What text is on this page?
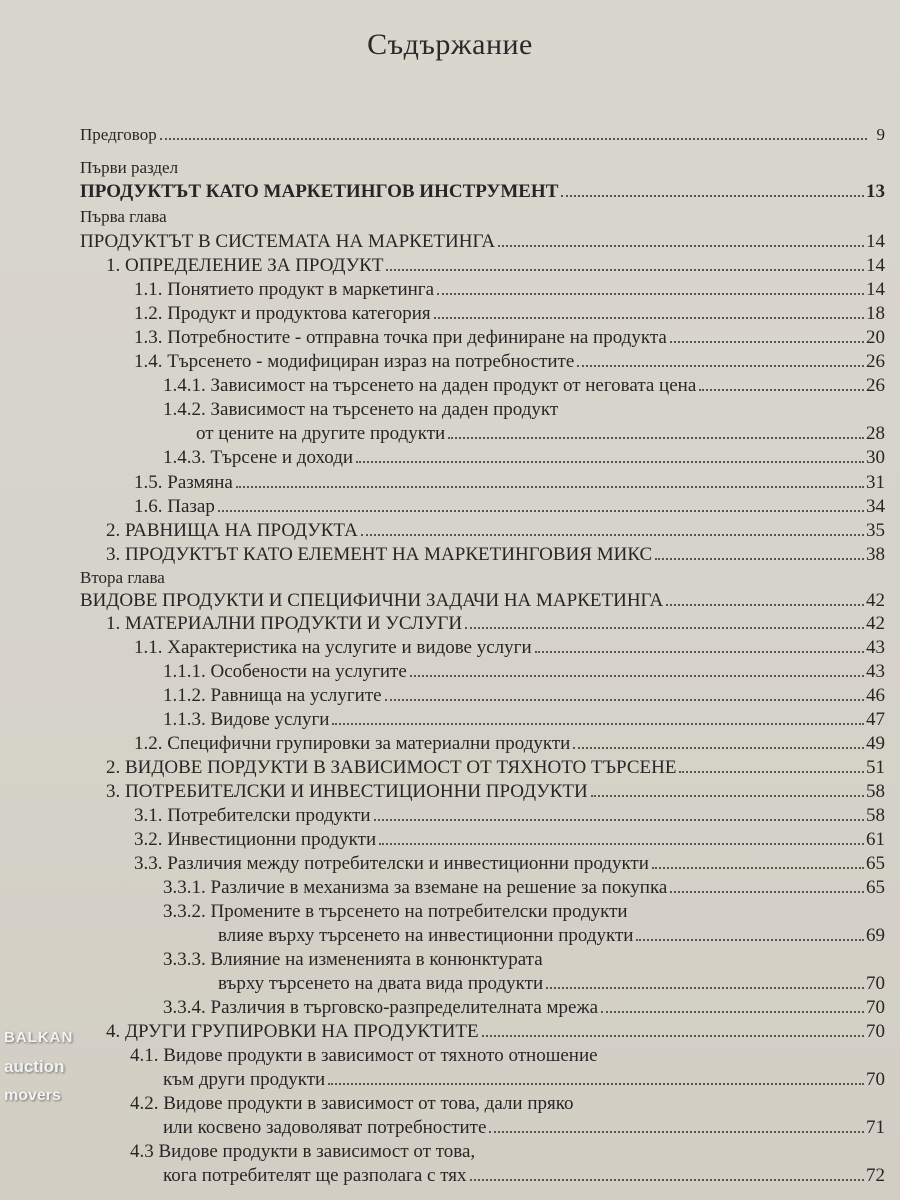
Съдържание
Предговор	9
Първи раздел
ПРОДУКТЪТ КАТО МАРКЕТИНГОВ ИНСТРУМЕНТ	13
Първа глава
ПРОДУКТЪТ В СИСТЕМАТА НА МАРКЕТИНГА	14
1. ОПРЕДЕЛЕНИЕ ЗА ПРОДУКТ	14
1.1. Понятието продукт в маркетинга	14
1.2. Продукт и продуктова категория	18
1.3. Потребностите - отправна точка при дефиниране на продукта	20
1.4. Търсенето - модифициран израз на потребностите	26
1.4.1. Зависимост на търсенето на даден продукт от неговата цена	26
1.4.2. Зависимост на търсенето на даден продукт
от цените на другите продукти	28
1.4.3. Търсене и доходи	30
1.5. Размяна	31
1.6. Пазар	34
2. РАВНИЩА НА ПРОДУКТА	35
3. ПРОДУКТЪТ КАТО ЕЛЕМЕНТ НА МАРКЕТИНГОВИЯ МИКС	38
Втора глава
ВИДОВЕ ПРОДУКТИ И СПЕЦИФИЧНИ ЗАДАЧИ НА МАРКЕТИНГА	42
1. МАТЕРИАЛНИ ПРОДУКТИ И УСЛУГИ	42
1.1. Характеристика на услугите и видове услуги	43
1.1.1. Особености на услугите	43
1.1.2. Равнища на услугите	46
1.1.3. Видове услуги	47
1.2. Специфични групировки за материални продукти	49
2. ВИДОВЕ ПОРДУКТИ В ЗАВИСИМОСТ ОТ ТЯХНОТО ТЪРСЕНЕ	51
3. ПОТРЕБИТЕЛСКИ И ИНВЕСТИЦИОННИ ПРОДУКТИ	58
3.1. Потребителски продукти	58
3.2. Инвестиционни продукти	61
3.3. Различия между потребителски и инвестиционни продукти	65
3.3.1. Различие в механизма за вземане на решение за покупка	65
3.3.2. Промените в търсенето на потребителски продукти
влияе върху търсенето на инвестиционни продукти	69
3.3.3. Влияние на измененията в конюнктурата
върху търсенето на двата вида продукти	70
3.3.4. Различия в търговско-разпределителната мрежа	70
4. ДРУГИ ГРУПИРОВКИ НА ПРОДУКТИТЕ	70
4.1. Видове продукти в зависимост от тяхното отношение
към други продукти	70
4.2. Видове продукти в зависимост от това, дали пряко
или косвено задоволяват потребностите	71
4.3 Видове продукти в зависимост от това,
кога потребителят ще разполага с тях	72
BALKAN
auction
movers
